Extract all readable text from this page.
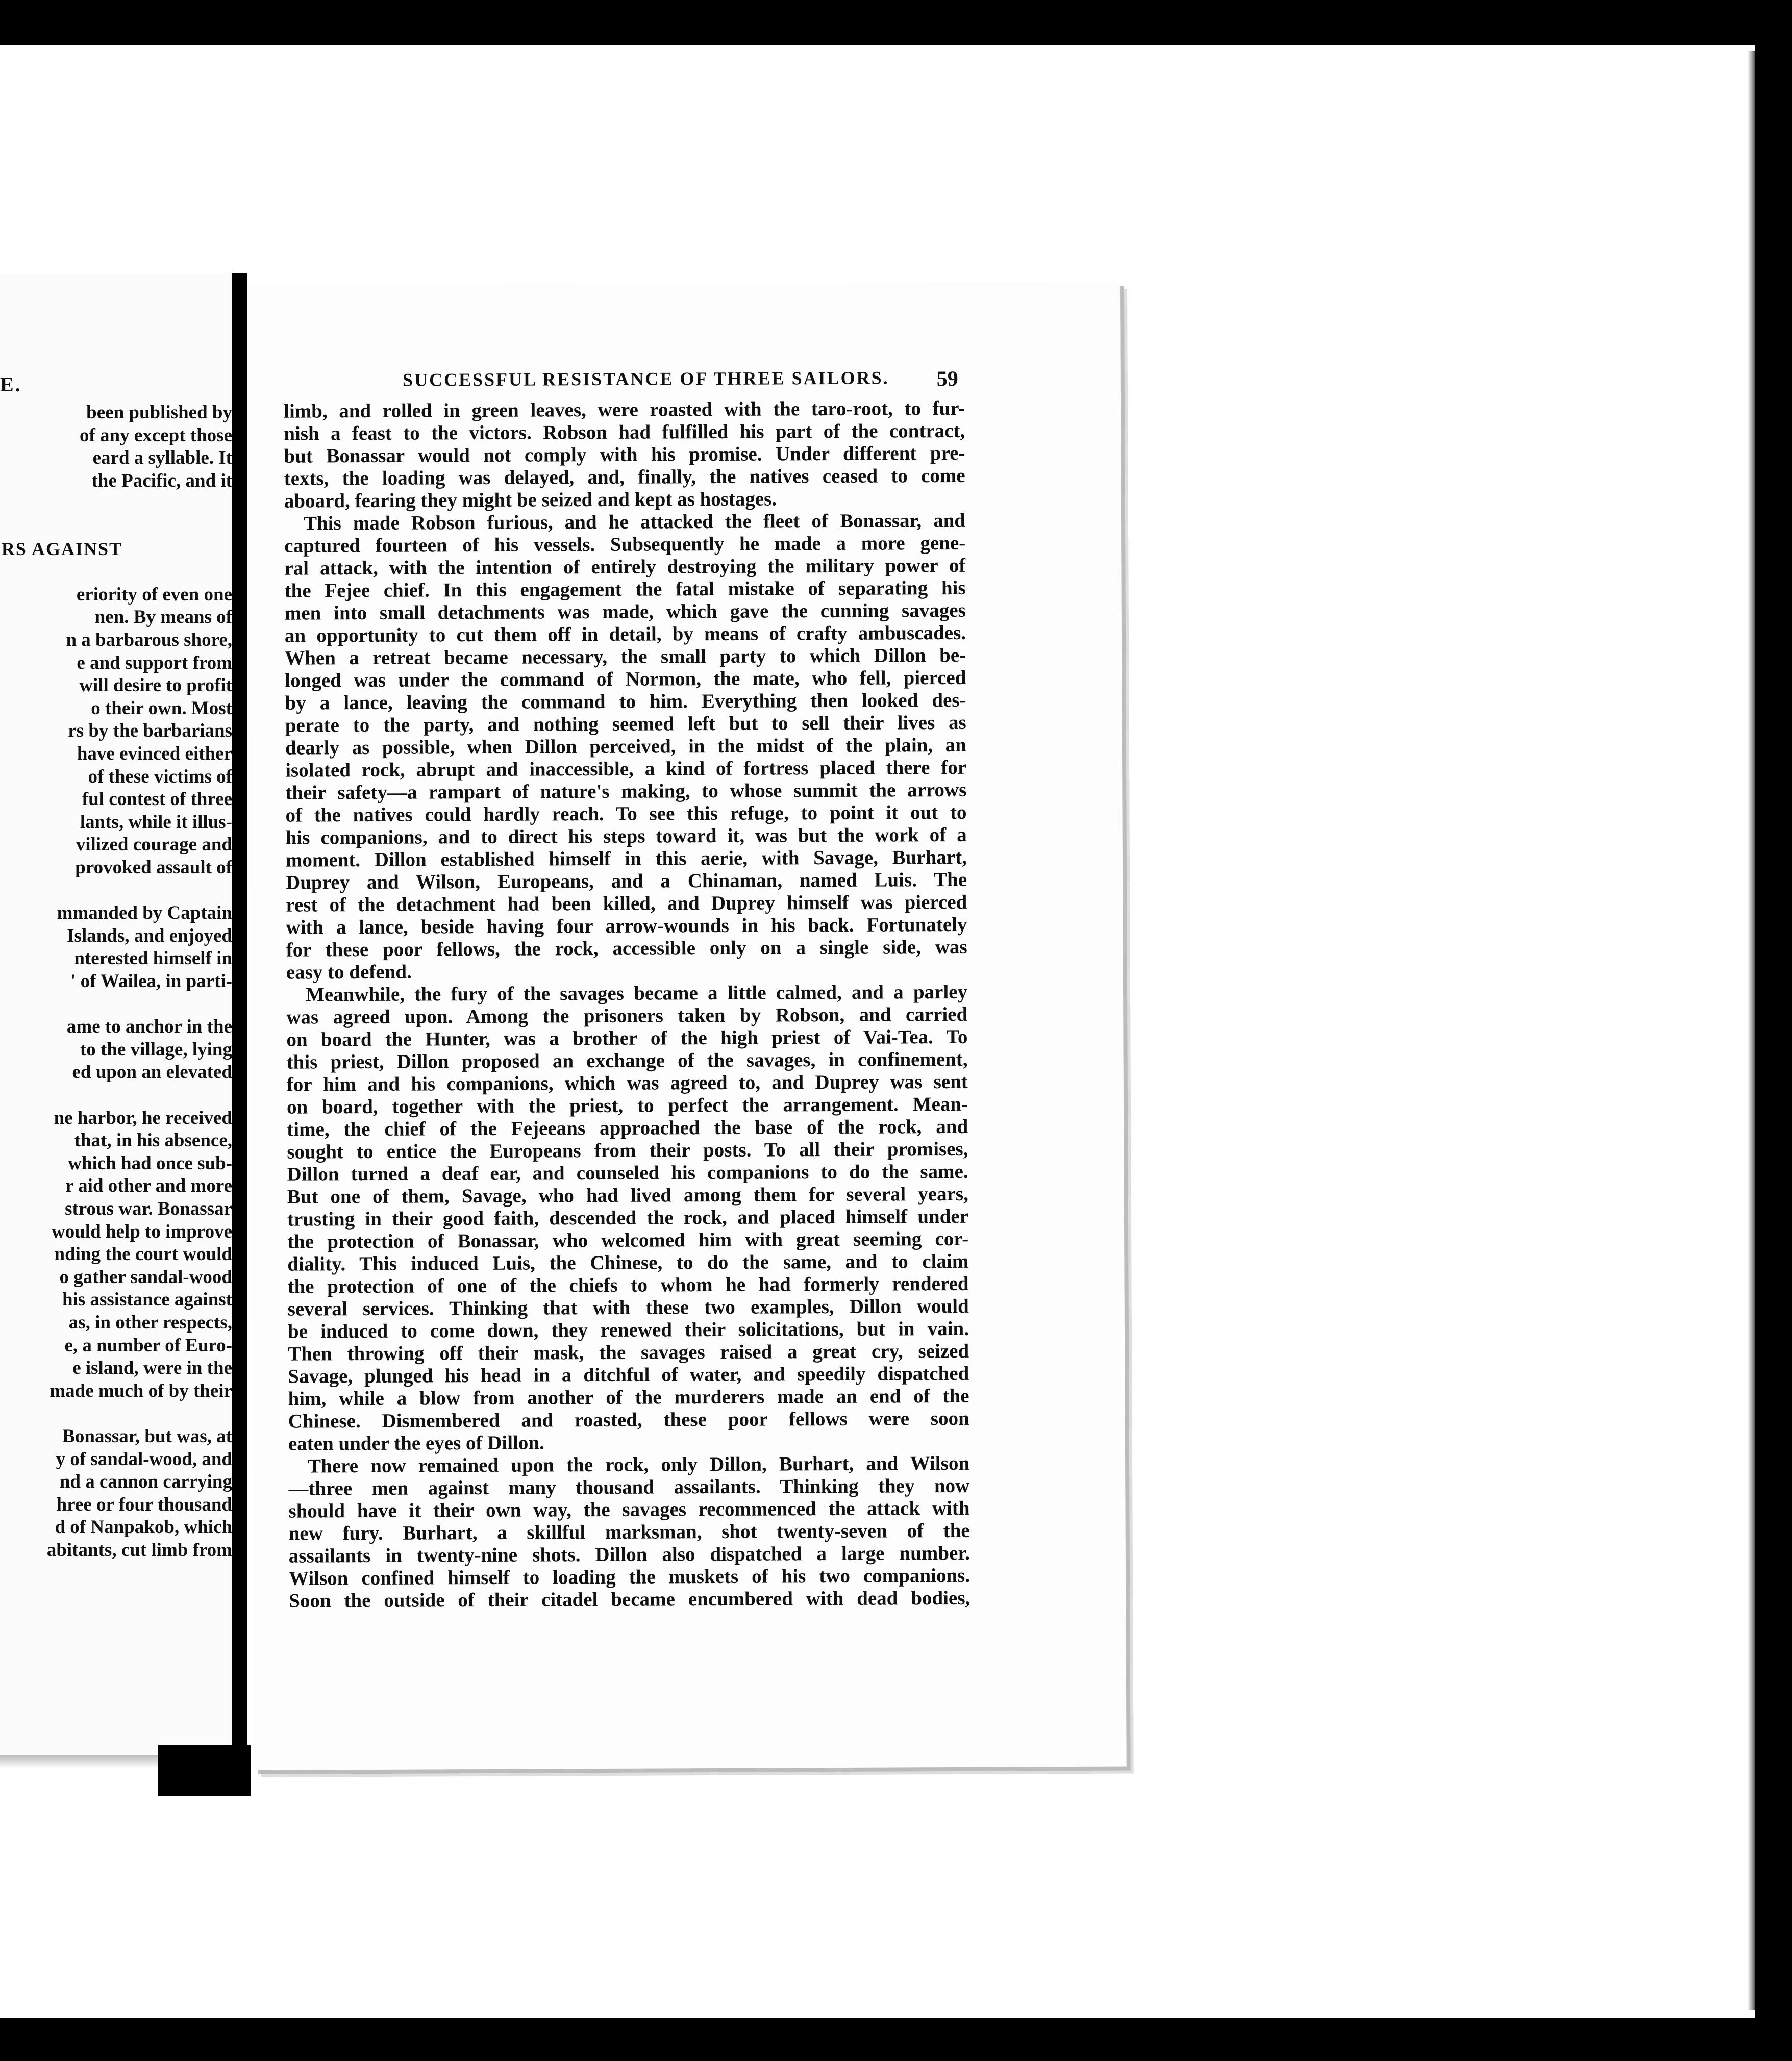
E.
been published by
of any except those
eard a syllable. It
the Pacific, and it
RS AGAINST
eriority of even one
nen. By means of
n a barbarous shore,
e and support from
will desire to profit
o their own. Most
rs by the barbarians
have evinced either
of these victims of
ful contest of three
lants, while it illus-
vilized courage and
provoked assault of
mmanded by Captain
Islands, and enjoyed
nterested himself in
' of Wailea, in parti-
ame to anchor in the
to the village, lying
ed upon an elevated
ne harbor, he received
that, in his absence,
which had once sub-
r aid other and more
strous war. Bonassar
would help to improve
nding the court would
o gather sandal-wood
his assistance against
as, in other respects,
e, a number of Euro-
e island, were in the
made much of by their
Bonassar, but was, at
y of sandal-wood, and
nd a cannon carrying
hree or four thousand
d of Nanpakob, which
abitants, cut limb from
SUCCESSFUL RESISTANCE OF THREE SAILORS.	59
limb, and rolled in green leaves, were roasted with the taro-root, to fur-
nish a feast to the victors. Robson had fulfilled his part of the contract,
but Bonassar would not comply with his promise. Under different pre-
texts, the loading was delayed, and, finally, the natives ceased to come
aboard, fearing they might be seized and kept as hostages.
This made Robson furious, and he attacked the fleet of Bonassar, and
captured fourteen of his vessels. Subsequently he made a more gene-
ral attack, with the intention of entirely destroying the military power of
the Fejee chief. In this engagement the fatal mistake of separating his
men into small detachments was made, which gave the cunning savages
an opportunity to cut them off in detail, by means of crafty ambuscades.
When a retreat became necessary, the small party to which Dillon be-
longed was under the command of Normon, the mate, who fell, pierced
by a lance, leaving the command to him. Everything then looked des-
perate to the party, and nothing seemed left but to sell their lives as
dearly as possible, when Dillon perceived, in the midst of the plain, an
isolated rock, abrupt and inaccessible, a kind of fortress placed there for
their safety—a rampart of nature's making, to whose summit the arrows
of the natives could hardly reach. To see this refuge, to point it out to
his companions, and to direct his steps toward it, was but the work of a
moment. Dillon established himself in this aerie, with Savage, Burhart,
Duprey and Wilson, Europeans, and a Chinaman, named Luis. The
rest of the detachment had been killed, and Duprey himself was pierced
with a lance, beside having four arrow-wounds in his back. Fortunately
for these poor fellows, the rock, accessible only on a single side, was
easy to defend.
Meanwhile, the fury of the savages became a little calmed, and a parley
was agreed upon. Among the prisoners taken by Robson, and carried
on board the Hunter, was a brother of the high priest of Vai-Tea. To
this priest, Dillon proposed an exchange of the savages, in confinement,
for him and his companions, which was agreed to, and Duprey was sent
on board, together with the priest, to perfect the arrangement. Mean-
time, the chief of the Fejeeans approached the base of the rock, and
sought to entice the Europeans from their posts. To all their promises,
Dillon turned a deaf ear, and counseled his companions to do the same.
But one of them, Savage, who had lived among them for several years,
trusting in their good faith, descended the rock, and placed himself under
the protection of Bonassar, who welcomed him with great seeming cor-
diality. This induced Luis, the Chinese, to do the same, and to claim
the protection of one of the chiefs to whom he had formerly rendered
several services. Thinking that with these two examples, Dillon would
be induced to come down, they renewed their solicitations, but in vain.
Then throwing off their mask, the savages raised a great cry, seized
Savage, plunged his head in a ditchful of water, and speedily dispatched
him, while a blow from another of the murderers made an end of the
Chinese. Dismembered and roasted, these poor fellows were soon
eaten under the eyes of Dillon.
There now remained upon the rock, only Dillon, Burhart, and Wilson
—three men against many thousand assailants. Thinking they now
should have it their own way, the savages recommenced the attack with
new fury. Burhart, a skillful marksman, shot twenty-seven of the
assailants in twenty-nine shots. Dillon also dispatched a large number.
Wilson confined himself to loading the muskets of his two companions.
Soon the outside of their citadel became encumbered with dead bodies,
